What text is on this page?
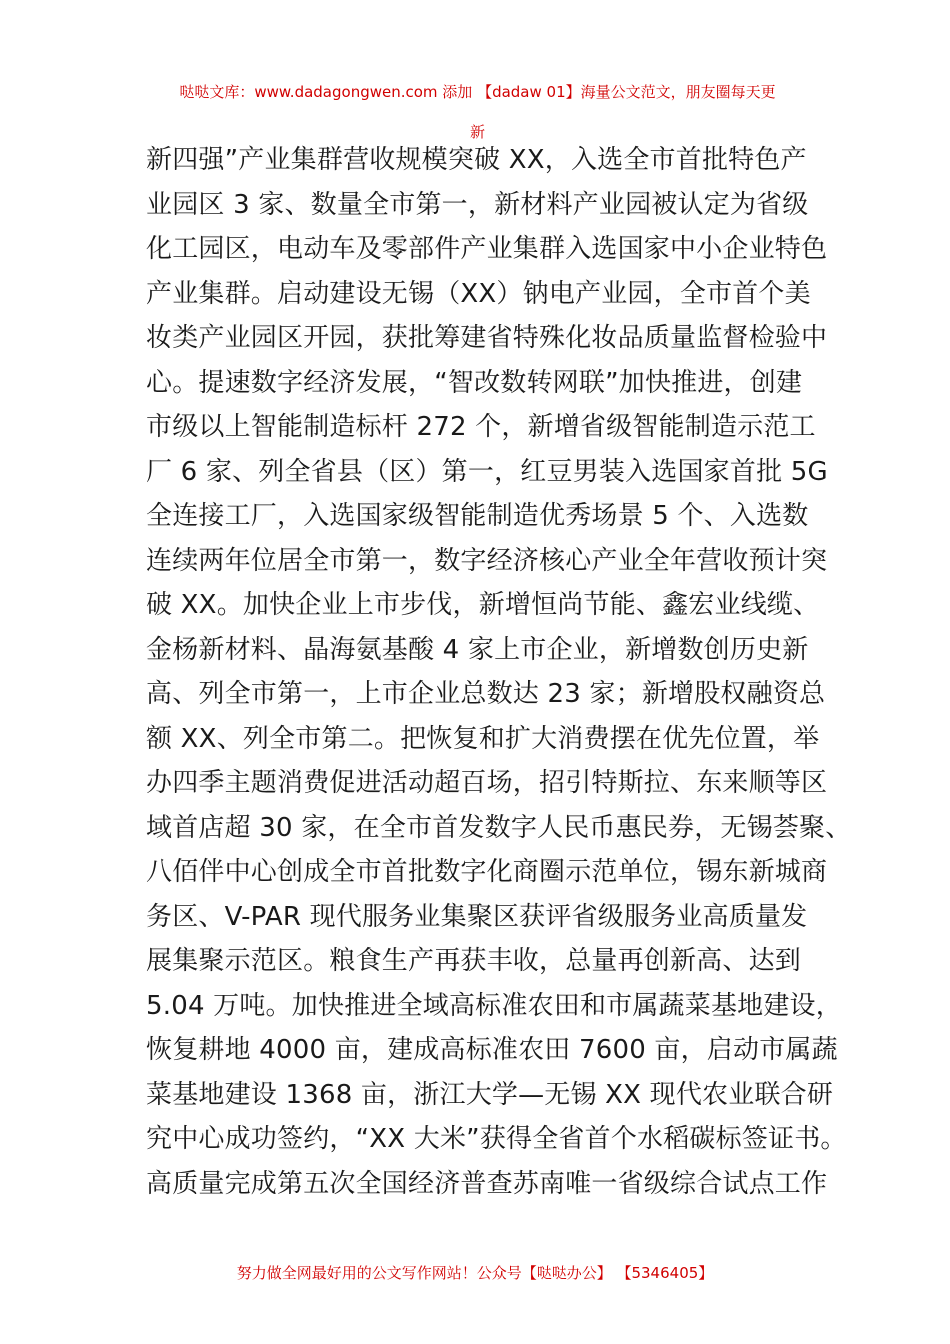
哒哒文库：www.dadagongwen.com 添加 【dadaw 01】海量公文范文，朋友圈每天更
新
新四强”产业集群营收规模突破 XX，入选全市首批特色产
业园区 3 家、数量全市第一，新材料产业园被认定为省级
化工园区，电动车及零部件产业集群入选国家中小企业特色
产业集群。启动建设无锡（XX）钠电产业园，全市首个美
妆类产业园区开园，获批筹建省特殊化妆品质量监督检验中
心。提速数字经济发展，“智改数转网联”加快推进，创建
市级以上智能制造标杆 272 个，新增省级智能制造示范工
厂 6 家、列全省县（区）第一，红豆男装入选国家首批 5G
全连接工厂，入选国家级智能制造优秀场景 5 个、入选数
连续两年位居全市第一，数字经济核心产业全年营收预计突
破 XX。加快企业上市步伐，新增恒尚节能、鑫宏业线缆、
金杨新材料、晶海氨基酸 4 家上市企业，新增数创历史新
高、列全市第一，上市企业总数达 23 家；新增股权融资总
额 XX、列全市第二。把恢复和扩大消费摆在优先位置，举
办四季主题消费促进活动超百场，招引特斯拉、东来顺等区
域首店超 30 家，在全市首发数字人民币惠民券，无锡荟聚、
八佰伴中心创成全市首批数字化商圈示范单位，锡东新城商
务区、V-PAR 现代服务业集聚区获评省级服务业高质量发
展集聚示范区。粮食生产再获丰收，总量再创新高、达到
5.04 万吨。加快推进全域高标准农田和市属蔬菜基地建设，
恢复耕地 4000 亩，建成高标准农田 7600 亩，启动市属蔬
菜基地建设 1368 亩，浙江大学—无锡 XX 现代农业联合研
究中心成功签约，“XX 大米”获得全省首个水稻碳标签证书。
高质量完成第五次全国经济普查苏南唯一省级综合试点工作
努力做全网最好用的公文写作网站！公众号【哒哒办公】 【5346405】
